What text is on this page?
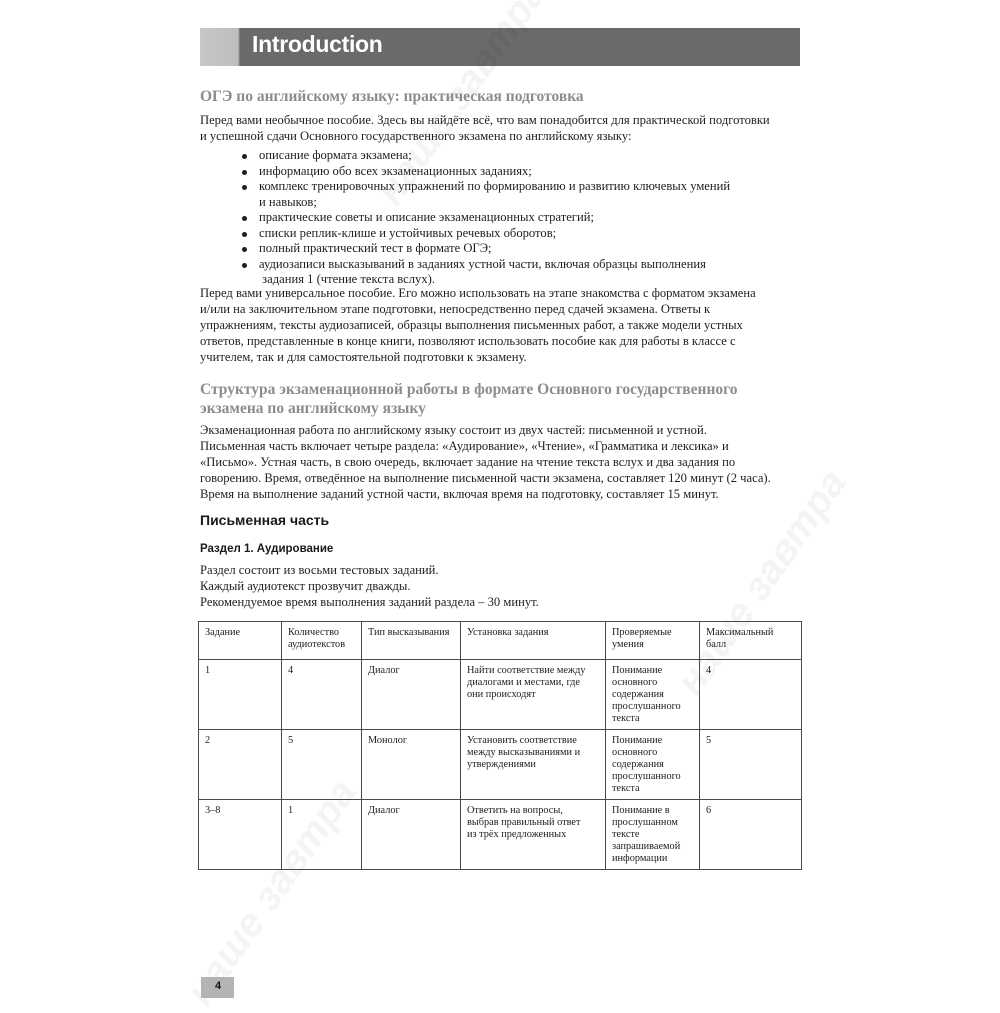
Introduction
ОГЭ по английскому языку: практическая подготовка

Перед вами необычное пособие. Здесь вы найдёте всё, что вам понадобится для практической подготовки
и успешной сдачи Основного государственного экзамена по английскому языку:

описание формата экзамена;
информацию обо всех экзаменационных заданиях;
комплекс тренировочных упражнений по формированию и развитию ключевых умений
и навыков;
практические советы и описание экзаменационных стратегий;
списки реплик-клише и устойчивых речевых оборотов;
полный практический тест в формате ОГЭ;
аудиозаписи высказываний в заданиях устной части, включая образцы выполнения
задания 1 (чтение текста вслух).

Перед вами универсальное пособие. Его можно использовать на этапе знакомства с форматом экзамена
и/или на заключительном этапе подготовки, непосредственно перед сдачей экзамена. Ответы к
упражнениям, тексты аудиозаписей, образцы выполнения письменных работ, а также модели устных
ответов, представленные в конце книги, позволяют использовать пособие как для работы в классе с
учителем, так и для самостоятельной подготовки к экзамену.

Структура экзаменационной работы в формате Основного государственного
экзамена по английскому языку

Экзаменационная работа по английскому языку состоит из двух частей: письменной и устной.
Письменная часть включает четыре раздела: «Аудирование», «Чтение», «Грамматика и лексика» и
«Письмо». Устная часть, в свою очередь, включает задание на чтение текста вслух и два задания по
говорению. Время, отведённое на выполнение письменной части экзамена, составляет 120 минут (2 часа).
Время на выполнение заданий устной части, включая время на подготовку, составляет 15 минут.

Письменная часть
Раздел 1. Аудирование

Раздел состоит из восьми тестовых заданий.
Каждый аудиотекст прозвучит дважды.
Рекомендуемое время выполнения заданий раздела – 30 минут.

Задание	Количество
аудиотекстов	Тип высказывания	Установка задания	Проверяемые
умения	Максимальный
балл
1	4	Диалог	Найти соответствие между
диалогами и местами, где
они происходят	Понимание
основного
содержания
прослушанного
текста	4
2	5	Монолог	Установить соответствие
между высказываниями и
утверждениями	Понимание
основного
содержания
прослушанного
текста	5
3–8	1	Диалог	Ответить на вопросы,
выбрав правильный ответ
из трёх предложенных	Понимание в
прослушанном
тексте
запрашиваемой
информации	6
4
